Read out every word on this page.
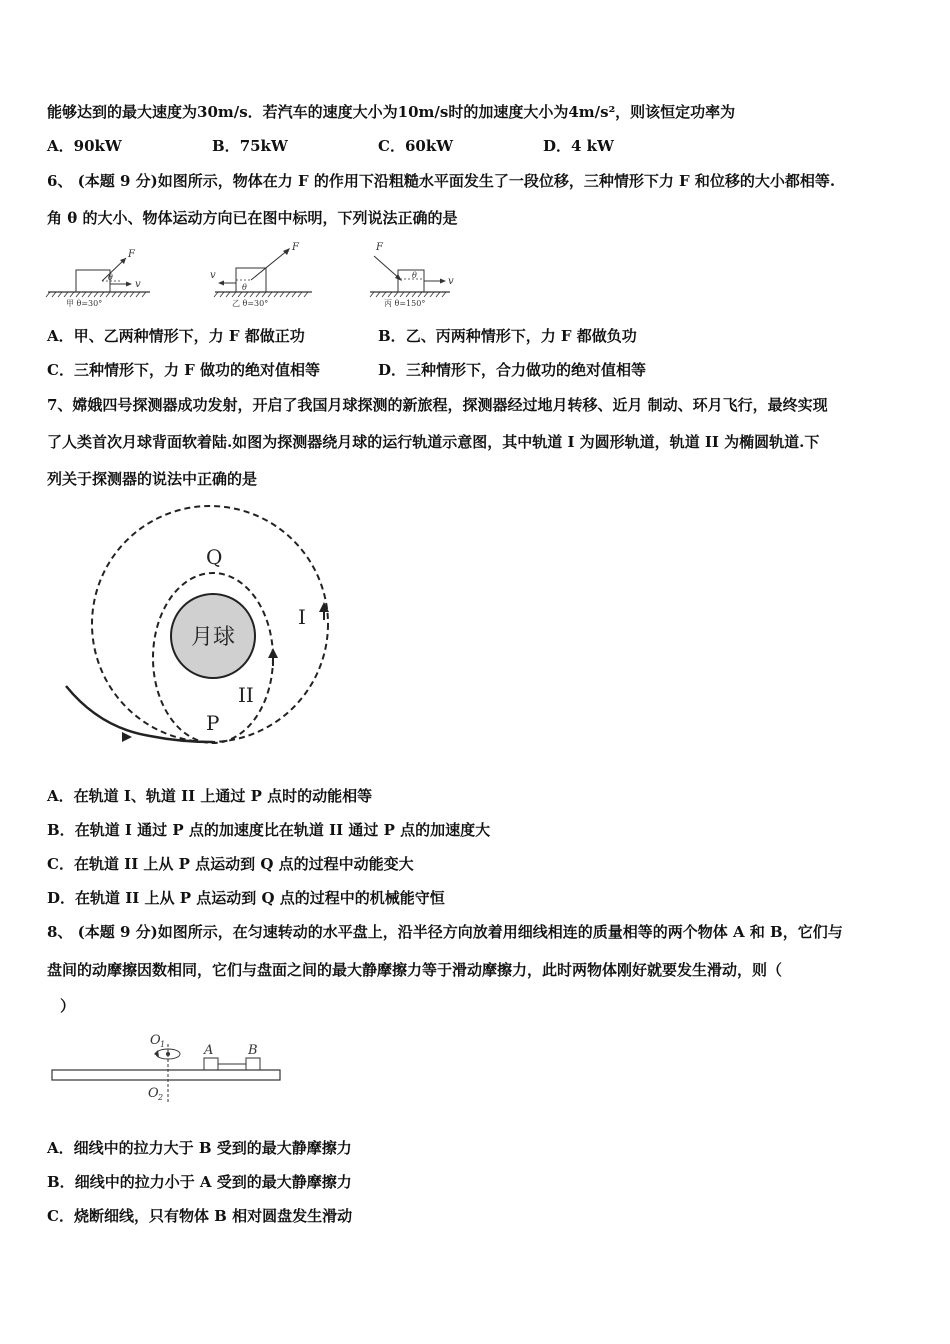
能够达到的最大速度为30m/s．若汽车的速度大小为10m/s时的加速度大小为4m/s²，则该恒定功率为
A．90kW	B．75kW	C．60kW	D．4 kW
6、 (本题 9 分)如图所示，物体在力 F 的作用下沿粗糙水平面发生了一段位移，三种情形下力 F 和位移的大小都相等.
角 θ 的大小、物体运动方向已在图中标明，下列说法正确的是
F
θ
v
甲 θ=30°
F
θ
v
乙 θ=30°
F
θ
v
丙 θ=150°
A．甲、乙两种情形下，力 F 都做正功	B．乙、丙两种情形下，力 F 都做负功
C．三种情形下，力 F 做功的绝对值相等	D．三种情形下，合力做功的绝对值相等
7、嫦娥四号探测器成功发射，开启了我国月球探测的新旅程，探测器经过地月转移、近月 制动、环月飞行，最终实现
了人类首次月球背面软着陆.如图为探测器绕月球的运行轨道示意图，其中轨道 I 为圆形轨道，轨道 II 为椭圆轨道.下
列关于探测器的说法中正确的是
月球
Q
I
II
P
A．在轨道 I、轨道 II 上通过 P 点时的动能相等
B．在轨道 I 通过 P 点的加速度比在轨道 II 通过 P 点的加速度大
C．在轨道 II 上从 P 点运动到 Q 点的过程中动能变大
D．在轨道 II 上从 P 点运动到 Q 点的过程中的机械能守恒
8、 (本题 9 分)如图所示，在匀速转动的水平盘上，沿半径方向放着用细线相连的质量相等的两个物体 A 和 B，它们与
盘间的动摩擦因数相同，它们与盘面之间的最大静摩擦力等于滑动摩擦力，此时两物体刚好就要发生滑动，则（
）
O 1
O 2
A	B
A．细线中的拉力大于 B 受到的最大静摩擦力
B．细线中的拉力小于 A 受到的最大静摩擦力
C．烧断细线，只有物体 B 相对圆盘发生滑动
